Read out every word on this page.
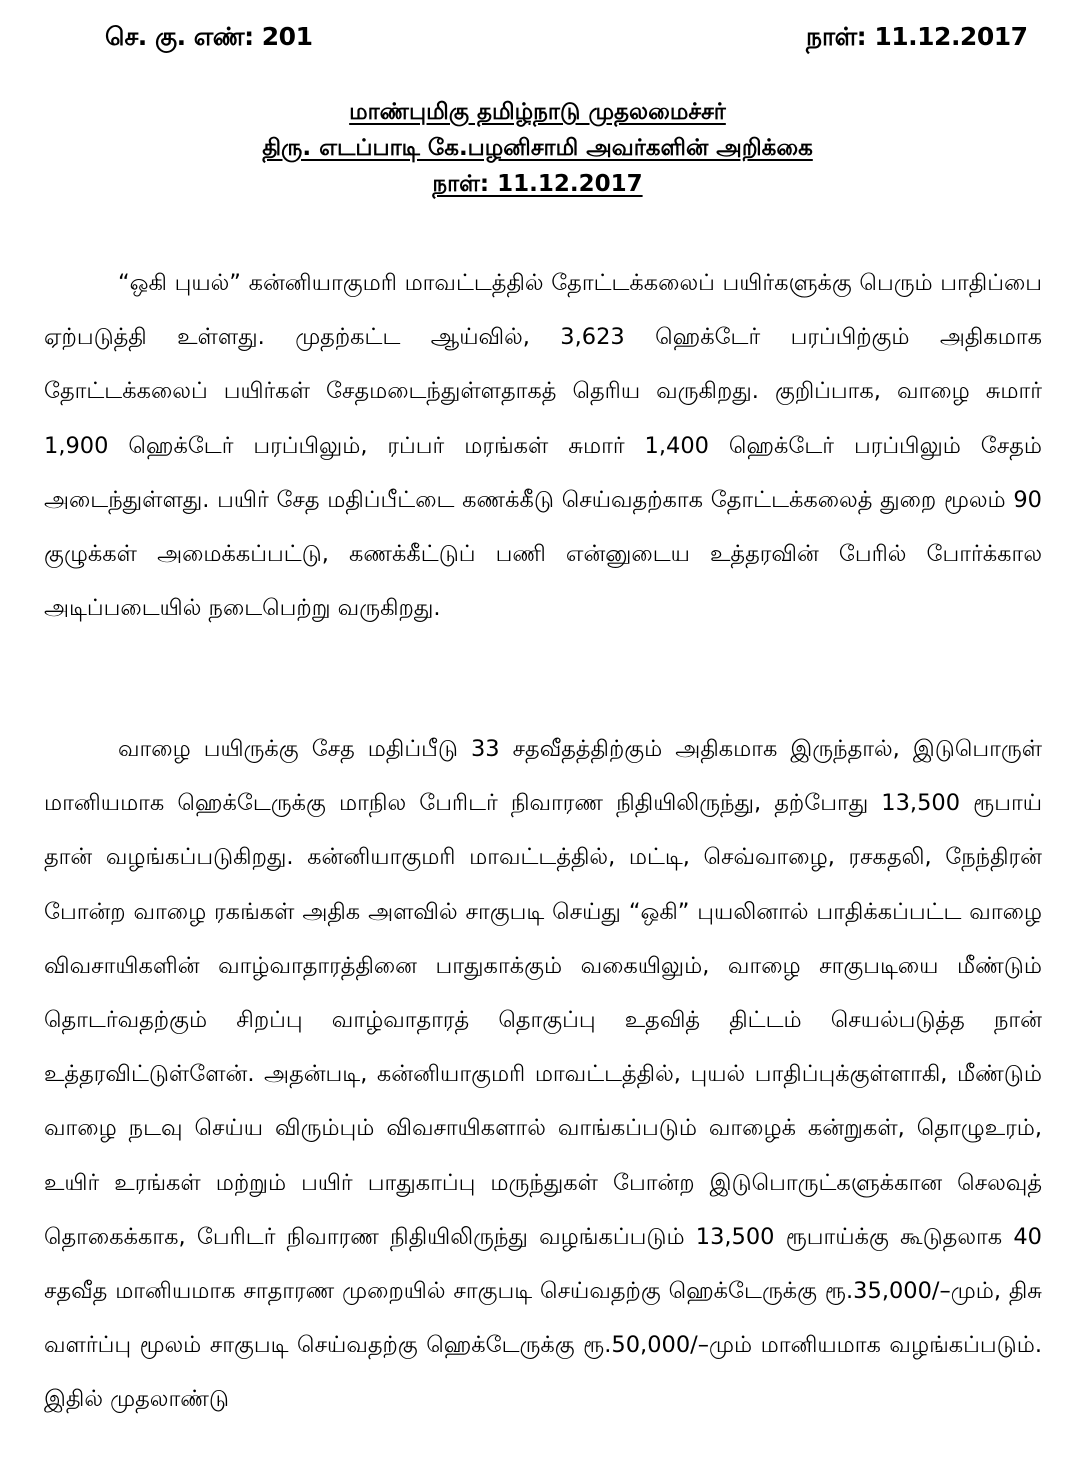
செ. கு. எண்: 201	நாள்: 11.12.2017
மாண்புமிகு தமிழ்நாடு முதலமைச்சர்
திரு. எடப்பாடி கே.பழனிசாமி அவர்களின் அறிக்கை
நாள்: 11.12.2017

“ஒகி புயல்” கன்னியாகுமரி மாவட்டத்தில் தோட்டக்கலைப் பயிர்களுக்கு பெரும் பாதிப்பை ஏற்படுத்தி உள்ளது. முதற்கட்ட ஆய்வில், 3,623 ஹெக்டேர் பரப்பிற்கும் அதிகமாக தோட்டக்கலைப் பயிர்கள் சேதமடைந்துள்ளதாகத் தெரிய வருகிறது. குறிப்பாக, வாழை சுமார் 1,900 ஹெக்டேர் பரப்பிலும், ரப்பர் மரங்கள் சுமார் 1,400 ஹெக்டேர் பரப்பிலும் சேதம் அடைந்துள்ளது. பயிர் சேத மதிப்பீட்டை கணக்கீடு செய்வதற்காக தோட்டக்கலைத் துறை மூலம் 90 குழுக்கள் அமைக்கப்பட்டு, கணக்கீட்டுப் பணி என்னுடைய உத்தரவின் பேரில் போர்க்கால அடிப்படையில் நடைபெற்று வருகிறது.

வாழை பயிருக்கு சேத மதிப்பீடு 33 சதவீதத்திற்கும் அதிகமாக இருந்தால், இடுபொருள் மானியமாக ஹெக்டேருக்கு மாநில பேரிடர் நிவாரண நிதியிலிருந்து, தற்போது 13,500 ரூபாய் தான் வழங்கப்படுகிறது. கன்னியாகுமரி மாவட்டத்தில், மட்டி, செவ்வாழை, ரசகதலி, நேந்திரன் போன்ற வாழை ரகங்கள் அதிக அளவில் சாகுபடி செய்து “ஒகி” புயலினால் பாதிக்கப்பட்ட வாழை விவசாயிகளின் வாழ்வாதாரத்தினை பாதுகாக்கும் வகையிலும், வாழை சாகுபடியை மீண்டும் தொடர்வதற்கும் சிறப்பு வாழ்வாதாரத் தொகுப்பு உதவித் திட்டம் செயல்படுத்த நான் உத்தரவிட்டுள்ளேன். அதன்படி, கன்னியாகுமரி மாவட்டத்தில், புயல் பாதிப்புக்குள்ளாகி, மீண்டும் வாழை நடவு செய்ய விரும்பும் விவசாயிகளால் வாங்கப்படும் வாழைக் கன்றுகள், தொழுஉரம், உயிர் உரங்கள் மற்றும் பயிர் பாதுகாப்பு மருந்துகள் போன்ற இடுபொருட்களுக்கான செலவுத் தொகைக்காக, பேரிடர் நிவாரண நிதியிலிருந்து வழங்கப்படும் 13,500 ரூபாய்க்கு கூடுதலாக 40 சதவீத மானியமாக சாதாரண முறையில் சாகுபடி செய்வதற்கு ஹெக்டேருக்கு ரூ.35,000/–மும், திசு வளர்ப்பு மூலம் சாகுபடி செய்வதற்கு ஹெக்டேருக்கு ரூ.50,000/–மும் மானியமாக வழங்கப்படும். இதில் முதலாண்டு
